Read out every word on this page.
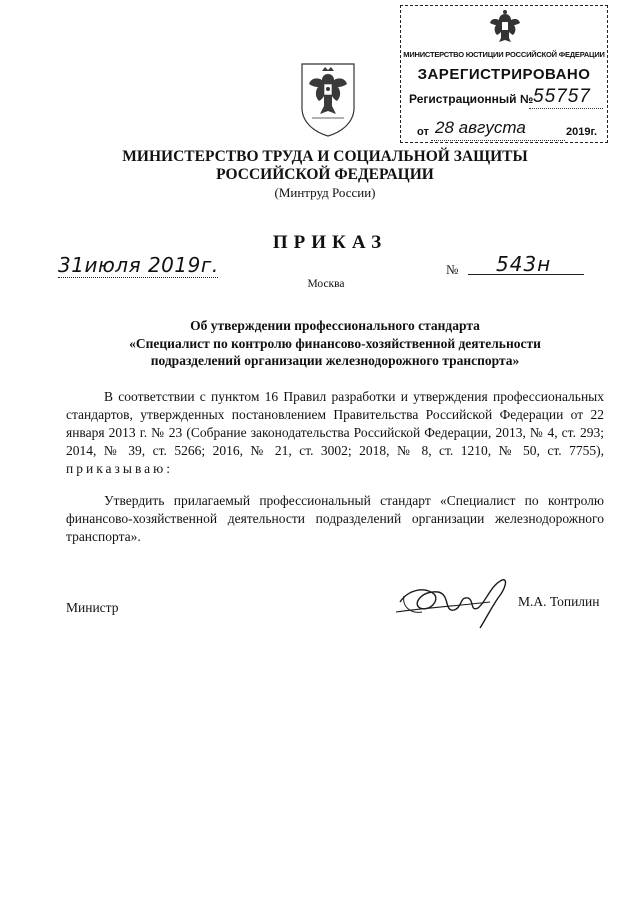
МИНИСТЕРСТВО ЮСТИЦИИ РОССИЙСКОЙ ФЕДЕРАЦИИ
ЗАРЕГИСТРИРОВАНО
Регистрационный № 55757
от 28 августа	2019г.
МИНИСТЕРСТВО ТРУДА И СОЦИАЛЬНОЙ ЗАЩИТЫ
РОССИЙСКОЙ ФЕДЕРАЦИИ
(Минтруд России)
ПРИКАЗ
31июля 2019г.	№ 543н
Москва
Об утверждении профессионального стандарта
«Специалист по контролю финансово-хозяйственной деятельности
подразделений организации железнодорожного транспорта»
В соответствии с пунктом 16 Правил разработки и утверждения профессиональных стандартов, утвержденных постановлением Правительства Российской Федерации от 22 января 2013 г. № 23 (Собрание законодательства Российской Федерации, 2013, № 4, ст. 293; 2014, № 39, ст. 5266; 2016, № 21, ст. 3002; 2018, № 8, ст. 1210, № 50, ст. 7755), приказываю:
Утвердить прилагаемый профессиональный стандарт «Специалист по контролю финансово-хозяйственной деятельности подразделений организации железнодорожного транспорта».
Министр	М.А. Топилин
